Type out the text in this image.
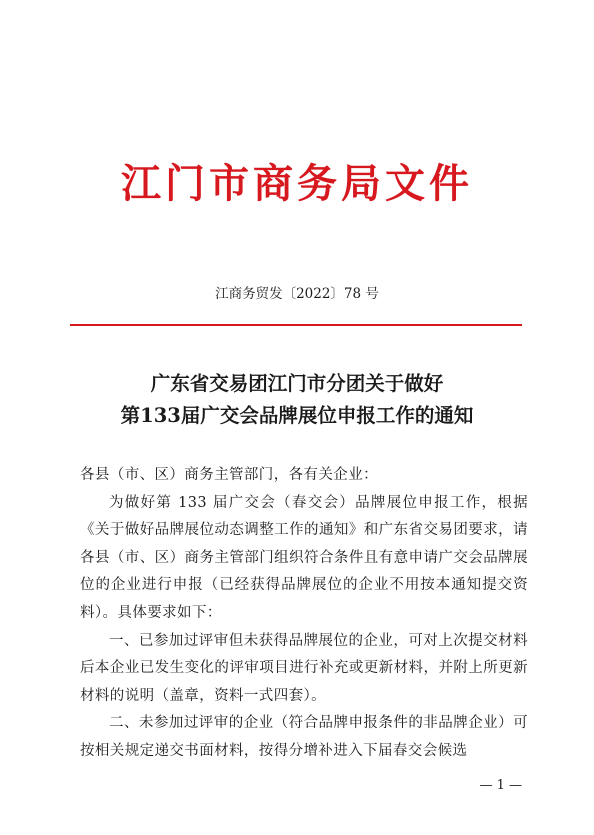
江门市商务局文件
江商务贸发〔2022〕78 号
广东省交易团江门市分团关于做好
第133届广交会品牌展位申报工作的通知

各县（市、区）商务主管部门，各有关企业：

为做好第 133 届广交会（春交会）品牌展位申报工作，根据《关于做好品牌展位动态调整工作的通知》和广东省交易团要求，请各县（市、区）商务主管部门组织符合条件且有意申请广交会品牌展位的企业进行申报（已经获得品牌展位的企业不用按本通知提交资料）。具体要求如下：

一、已参加过评审但未获得品牌展位的企业，可对上次提交材料后本企业已发生变化的评审项目进行补充或更新材料，并附上所更新材料的说明（盖章，资料一式四套）。

二、未参加过评审的企业（符合品牌申报条件的非品牌企业）可按相关规定递交书面材料，按得分增补进入下届春交会候选

— 1 —
